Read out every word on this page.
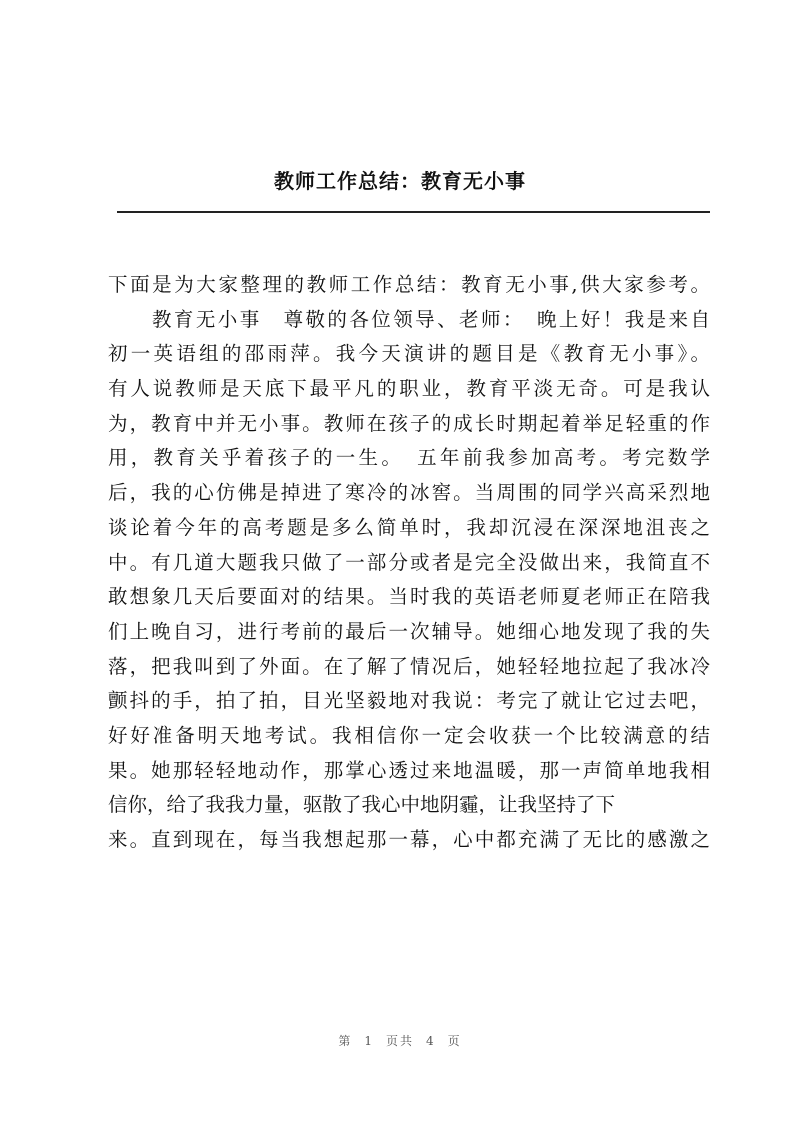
教师工作总结：教育无小事
下面是为大家整理的教师工作总结：教育无小事,供大家参考。
教育无小事　尊敬的各位领导、老师：　晚上好！我是来自
初一英语组的邵雨萍。我今天演讲的题目是《教育无小事》。
有人说教师是天底下最平凡的职业，教育平淡无奇。可是我认
为，教育中并无小事。教师在孩子的成长时期起着举足轻重的作
用，教育关乎着孩子的一生。　五年前我参加高考。考完数学
后，我的心仿佛是掉进了寒冷的冰窖。当周围的同学兴高采烈地
谈论着今年的高考题是多么简单时，我却沉浸在深深地沮丧之
中。有几道大题我只做了一部分或者是完全没做出来，我简直不
敢想象几天后要面对的结果。当时我的英语老师夏老师正在陪我
们上晚自习，进行考前的最后一次辅导。她细心地发现了我的失
落，把我叫到了外面。在了解了情况后，她轻轻地拉起了我冰冷
颤抖的手，拍了拍，目光坚毅地对我说：考完了就让它过去吧，
好好准备明天地考试。我相信你一定会收获一个比较满意的结
果。她那轻轻地动作，那掌心透过来地温暖，那一声简单地我相
信你，给了我我力量，驱散了我心中地阴霾，让我坚持了下
来。直到现在，每当我想起那一幕，心中都充满了无比的感激之
第 1 页共 4 页
